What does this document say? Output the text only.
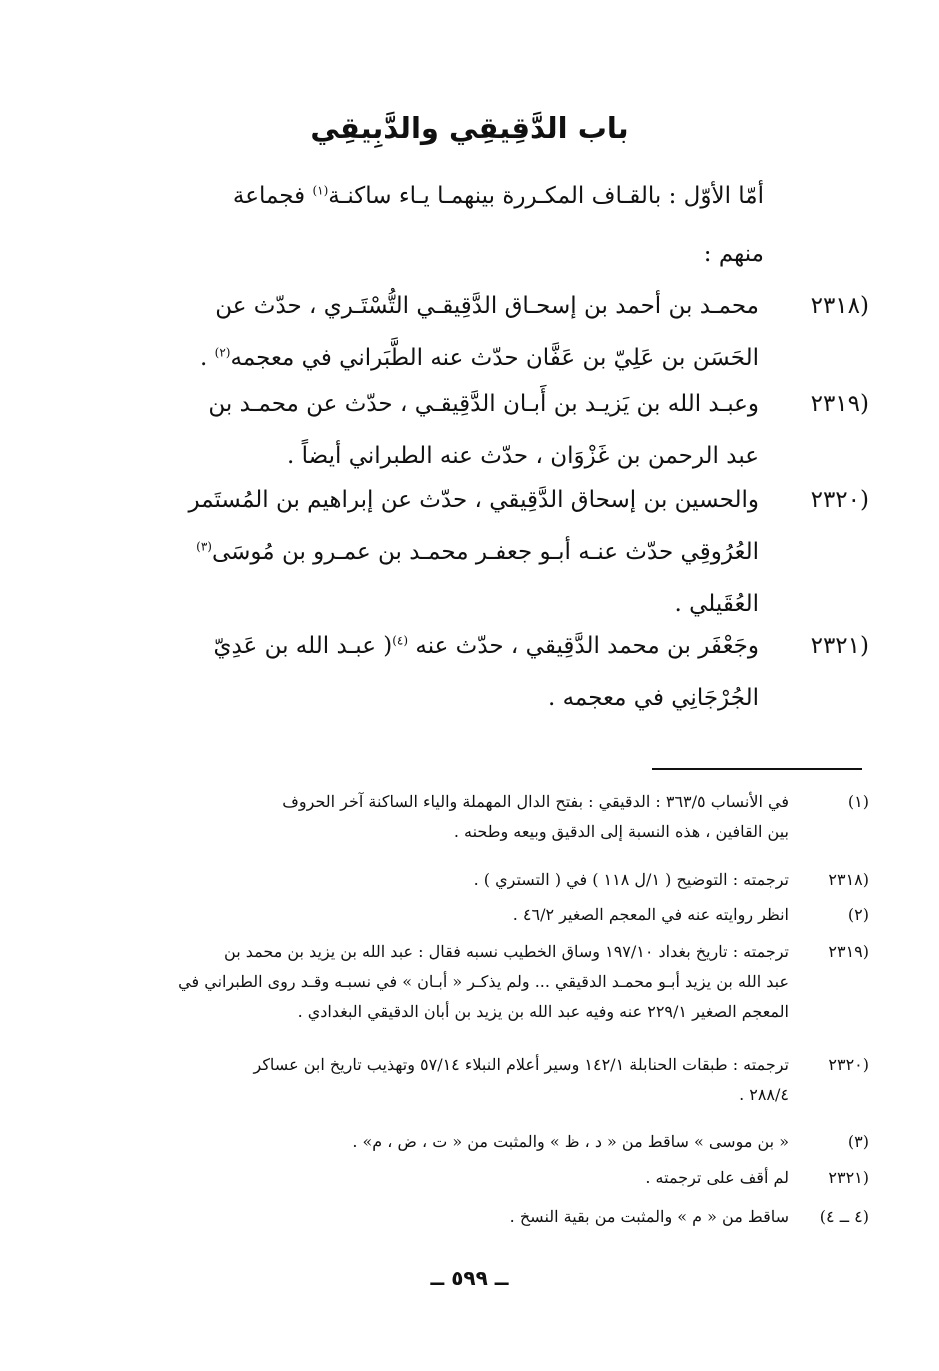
باب الدَّقِيقِي والدَّبِيقِي
أمّا الأوّل : بالقـاف المكـررة بينهمـا يـاء ساكنـة$^{(١)}$ فجماعة
منهم :
(٢٣١٨
محمـد بن أحمد بن إسحـاق الدَّقِيقـي التُّسْتَـري ، حدّث عن
الحَسَن بن عَلِيّ بن عَفَّان حدّث عنه الطَّبَراني في معجمه$^{(٢)}$ .
(٢٣١٩
وعبـد الله بن يَزيـد بن أَبـان الدَّقِيقـي ، حدّث عن محمـد بن
عبد الرحمن بن غَزْوَان ، حدّث عنه الطبراني أيضاً .
(٢٣٢٠
والحسين بن إسحاق الدَّقِيقي ، حدّث عن إبراهيم بن المُستَمر
العُرُوقِي حدّث عنـه أبـو جعفـر محمـد بن عمـرو بن مُوسَى$^{(٣)}$
العُقَيلي .
(٢٣٢١
وجَعْفَر بن محمد الدَّقِيقي ، حدّث عنه $^{(٤)}$( عبـد الله بن عَدِيّ
الجُرْجَانِي في معجمه .
(١)
في الأنساب ٣٦٣/٥ : الدقيقي : بفتح الدال المهملة والياء الساكنة آخر الحروف
بين القافين ، هذه النسبة إلى الدقيق وبيعه وطحنه .
(٢٣١٨
ترجمته : التوضيح ( ١/ل ١١٨ ) في ( التستري ) .
(٢)
انظر روايته عنه في المعجم الصغير ٤٦/٢ .
(٢٣١٩
ترجمته : تاريخ بغداد ١٩٧/١٠ وساق الخطيب نسبه فقال : عبد الله بن يزيد بن محمد بن
عبد الله بن يزيد أبـو محمـد الدقيقي ... ولم يذكـر « أبـان » في نسبـه وقـد روى الطبراني في
المعجم الصغير ٢٢٩/١ عنه وفيه عبد الله بن يزيد بن أبان الدقيقي البغدادي .
(٢٣٢٠
ترجمته : طبقات الحنابلة ١٤٢/١ وسير أعلام النبلاء ٥٧/١٤ وتهذيب تاريخ ابن عساكر
٢٨٨/٤ .
(٣)
« بن موسى » ساقط من « د ، ظ » والمثبت من « ت ، ض ، م» .
(٢٣٢١
لم أقف على ترجمته .
(٤ ــ ٤)
ساقط من « م » والمثبت من بقية النسخ .
ــ ٥٩٩ ــ
